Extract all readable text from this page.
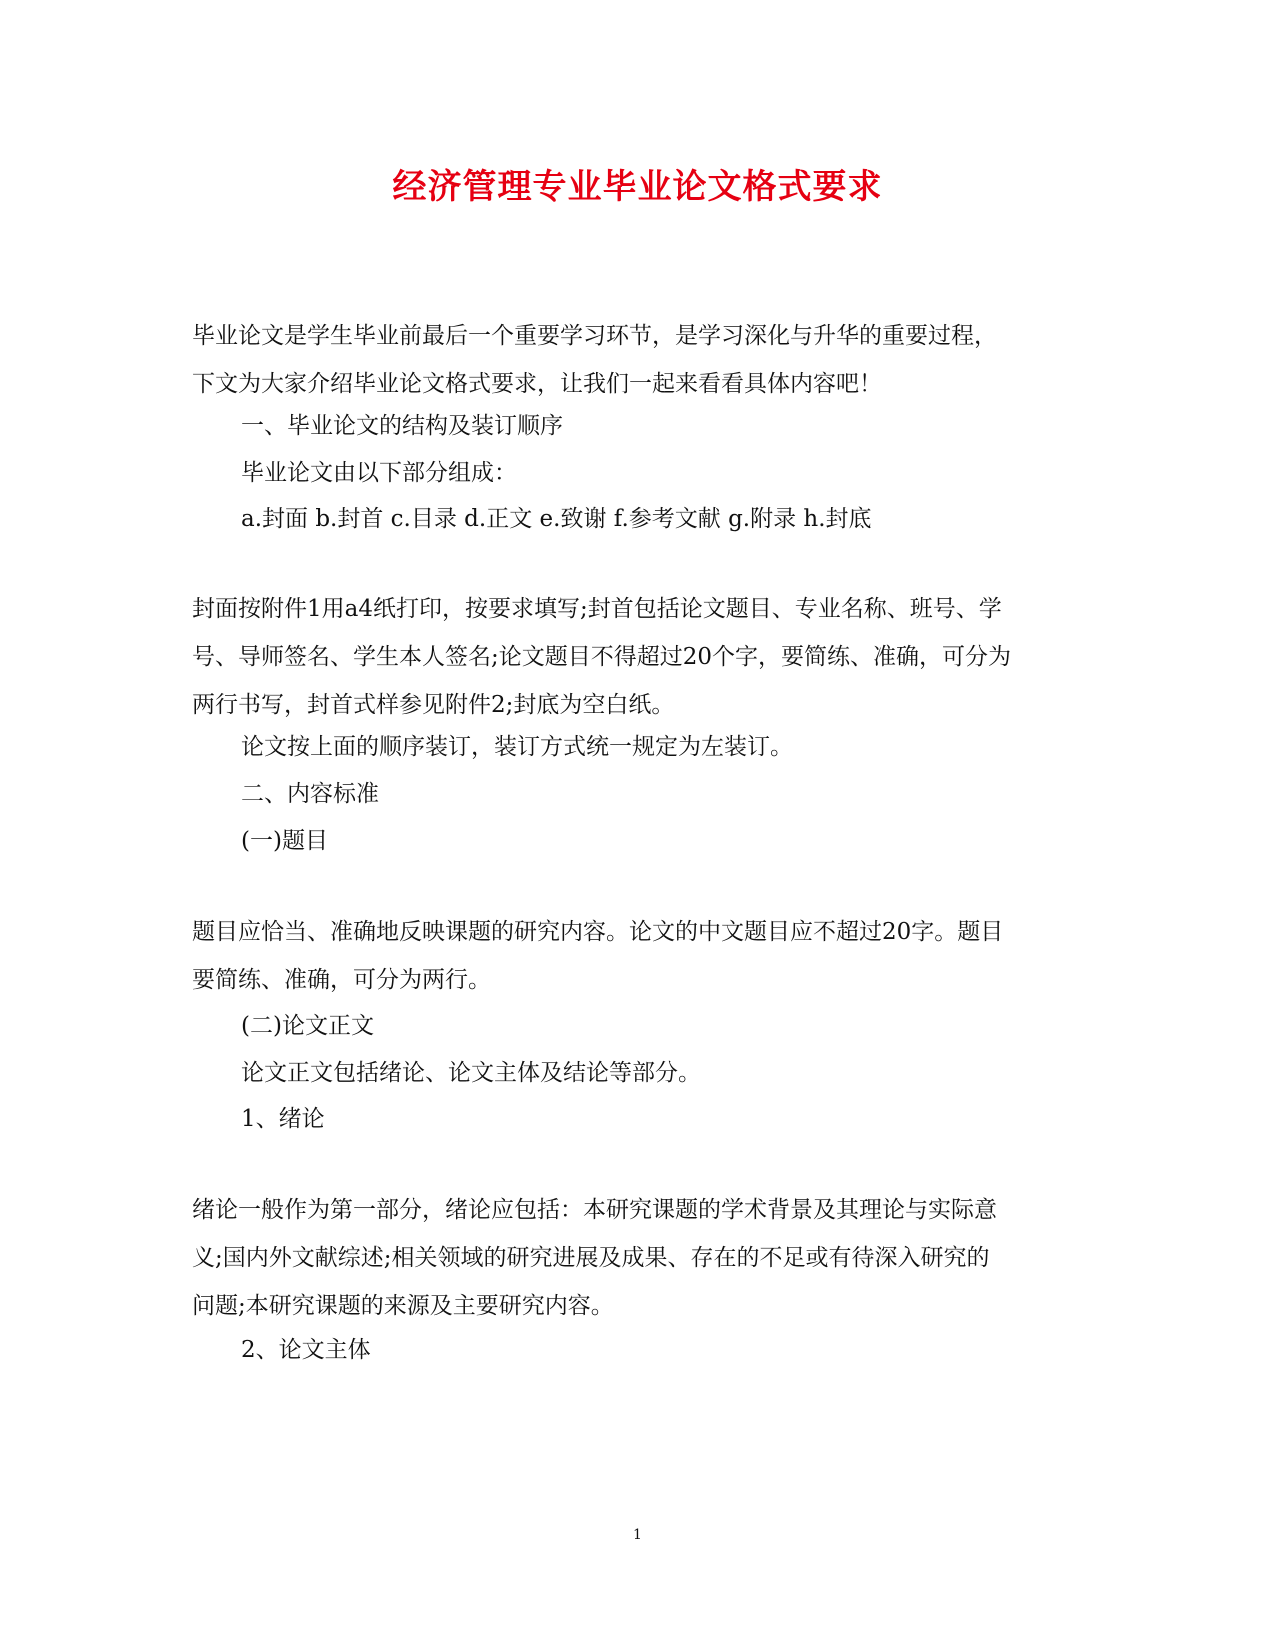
经济管理专业毕业论文格式要求

毕业论文是学生毕业前最后一个重要学习环节，是学习深化与升华的重要过程，
下文为大家介绍毕业论文格式要求，让我们一起来看看具体内容吧！

一、毕业论文的结构及装订顺序

毕业论文由以下部分组成：

a.封面 b.封首 c.目录 d.正文 e.致谢 f.参考文献 g.附录 h.封底

封面按附件1用a4纸打印，按要求填写;封首包括论文题目、专业名称、班号、学
号、导师签名、学生本人签名;论文题目不得超过20个字，要简练、准确，可分为
两行书写，封首式样参见附件2;封底为空白纸。

论文按上面的顺序装订，装订方式统一规定为左装订。

二、内容标准

(一)题目

题目应恰当、准确地反映课题的研究内容。论文的中文题目应不超过20字。题目
要简练、准确，可分为两行。

(二)论文正文

论文正文包括绪论、论文主体及结论等部分。

1、绪论

绪论一般作为第一部分，绪论应包括：本研究课题的学术背景及其理论与实际意
义;国内外文献综述;相关领域的研究进展及成果、存在的不足或有待深入研究的
问题;本研究课题的来源及主要研究内容。

2、论文主体

1
